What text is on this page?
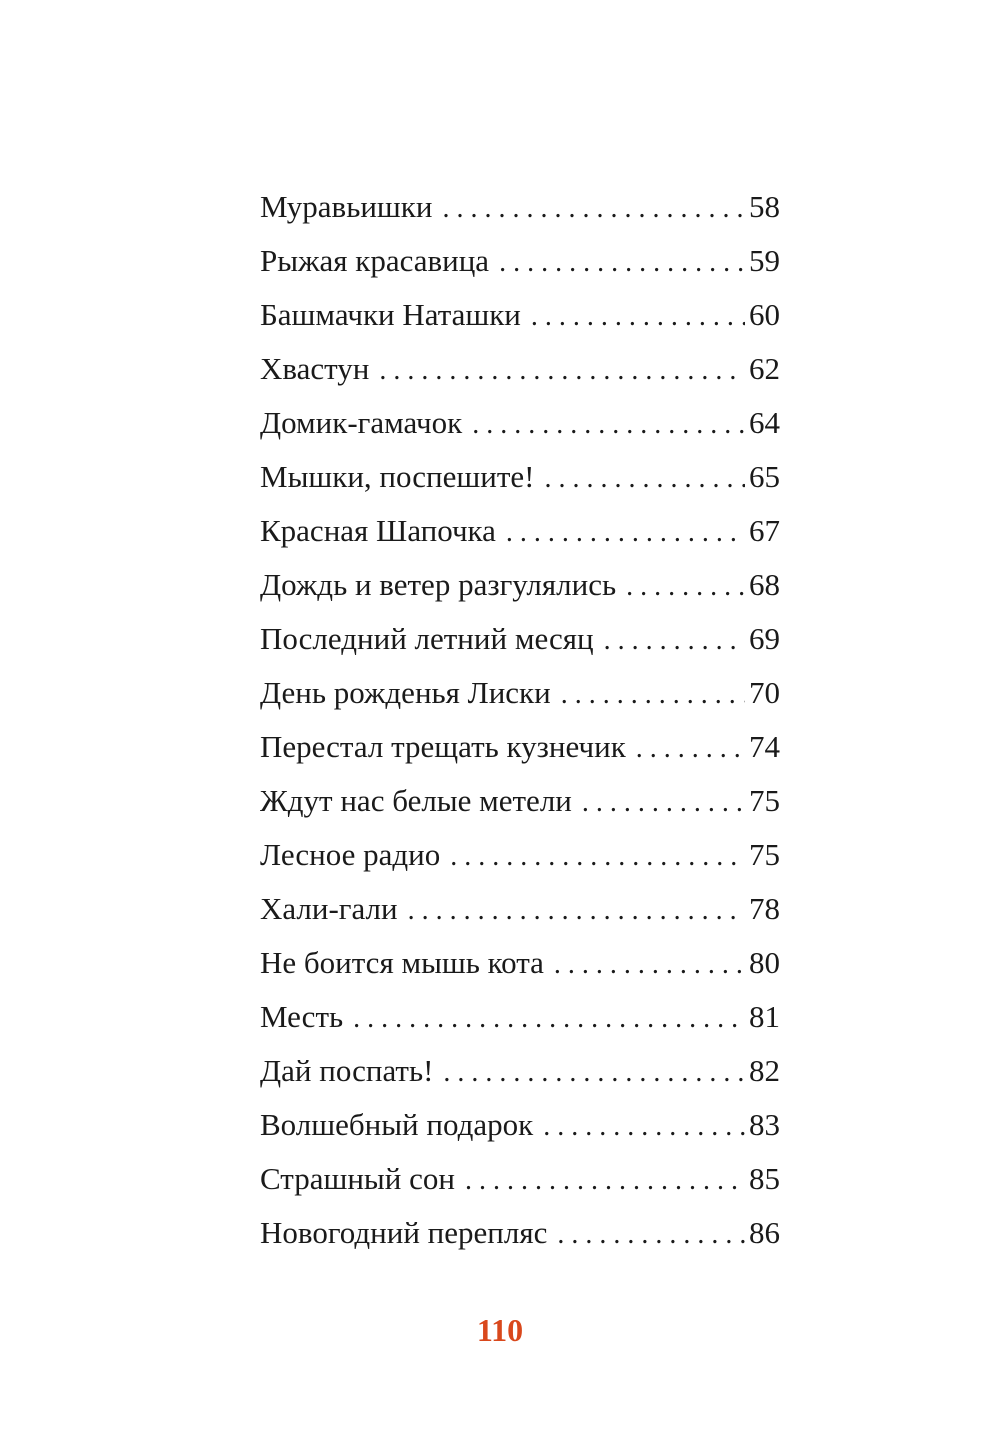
Муравьишки . . .	58
Рыжая красавица . . .	59
Башмачки Наташки . . .	60
Хвастун . . .	62
Домик-гамачок . . .	64
Мышки, поспешите! . . .	65
Красная Шапочка . . .	67
Дождь и ветер разгулялись . . .	68
Последний летний месяц . . .	69
День рожденья Лиски . . .	70
Перестал трещать кузнечик . . .	74
Ждут нас белые метели . . .	75
Лесное радио . . .	75
Хали-гали . . .	78
Не боится мышь кота . . .	80
Месть . . .	81
Дай поспать! . . .	82
Волшебный подарок . . .	83
Страшный сон . . .	85
Новогодний перепляс . . .	86
110
